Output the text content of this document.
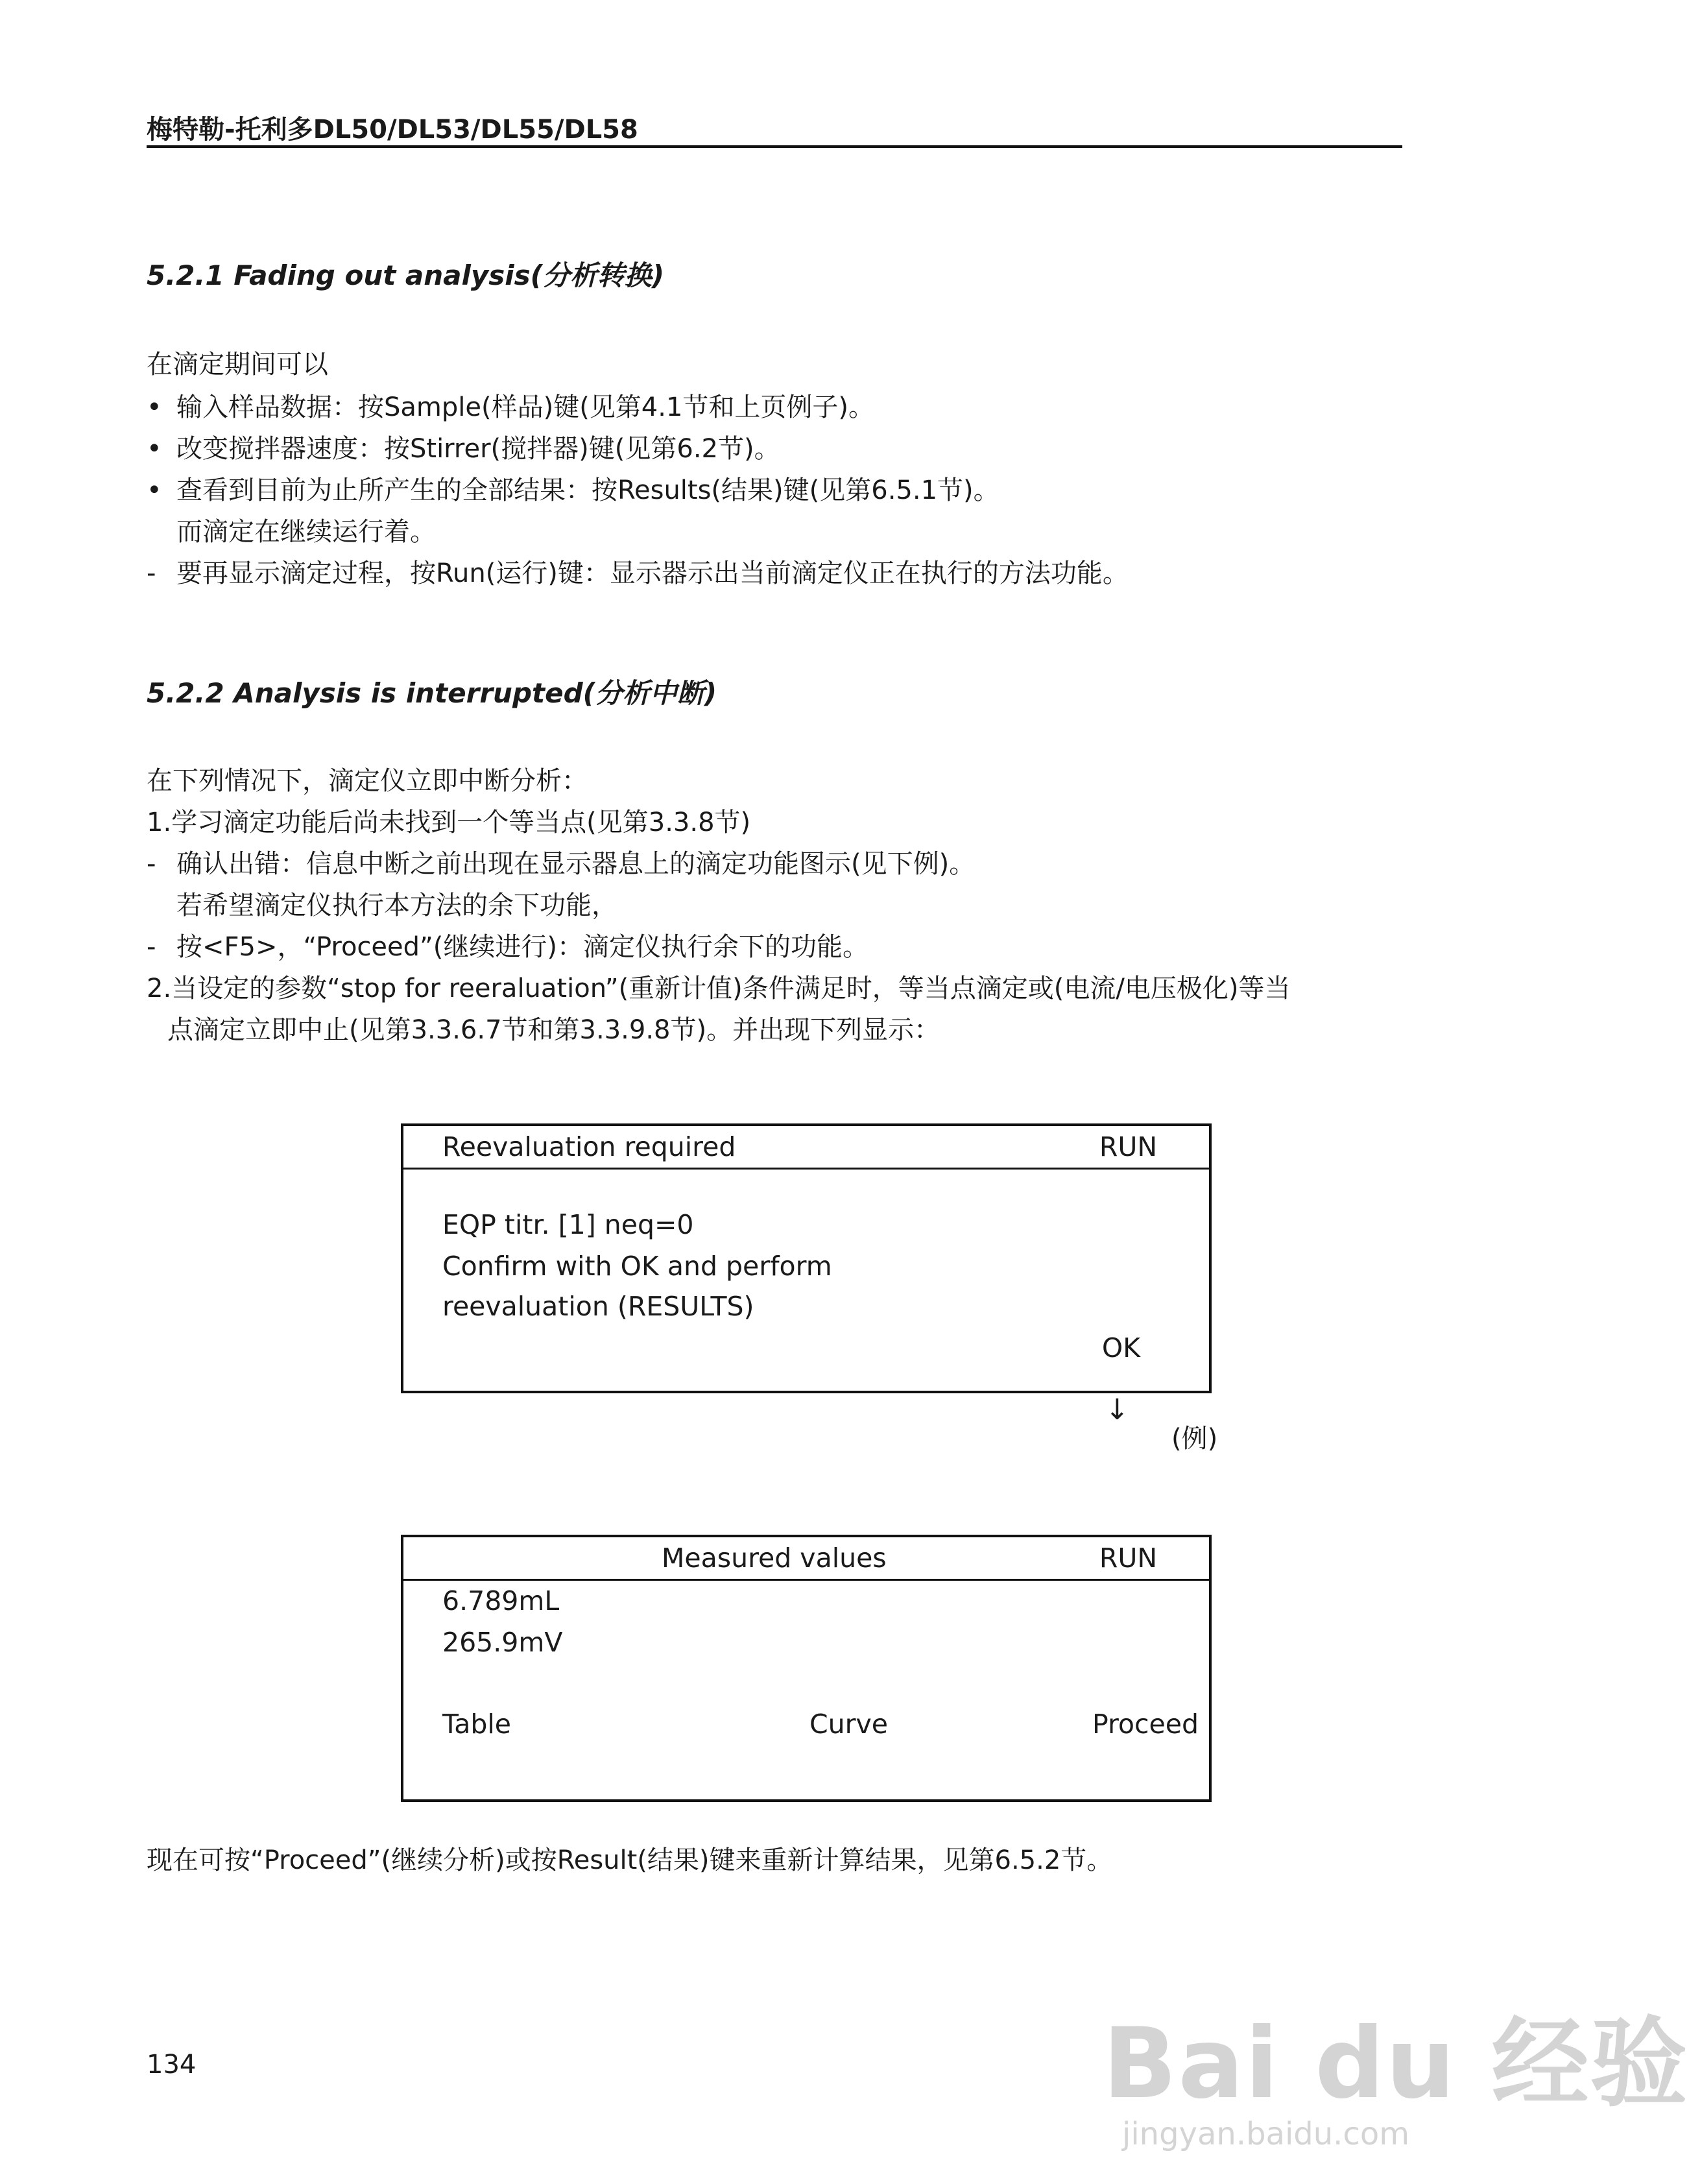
梅特勒-托利多DL50/DL53/DL55/DL58
5.2.1 Fading out analysis(分析转换)
在滴定期间可以
• 输入样品数据：按Sample(样品)键(见第4.1节和上页例子)。
• 改变搅拌器速度：按Stirrer(搅拌器)键(见第6.2节)。
• 查看到目前为止所产生的全部结果：按Results(结果)键(见第6.5.1节)。
而滴定在继续运行着。
- 要再显示滴定过程，按Run(运行)键：显示器示出当前滴定仪正在执行的方法功能。
5.2.2 Analysis is interrupted(分析中断)
在下列情况下，滴定仪立即中断分析：
1.学习滴定功能后尚未找到一个等当点(见第3.3.8节)
- 确认出错：信息中断之前出现在显示器息上的滴定功能图示(见下例)。
若希望滴定仪执行本方法的余下功能，
- 按<F5>，“Proceed”(继续进行)：滴定仪执行余下的功能。
2.当设定的参数“stop for reeraluation”(重新计值)条件满足时，等当点滴定或(电流/电压极化)等当
点滴定立即中止(见第3.3.6.7节和第3.3.9.8节)。并出现下列显示：
Reevaluation required	RUN
EQP titr. [1] neq=0
Confirm with OK and perform
reevaluation (RESULTS)
OK
↓
(例)
Measured values	RUN
6.789mL
265.9mV
Table	Curve	Proceed
现在可按“Proceed”(继续分析)或按Result(结果)键来重新计算结果，见第6.5.2节。
134	Bai du 经验
jingyan.baidu.com
